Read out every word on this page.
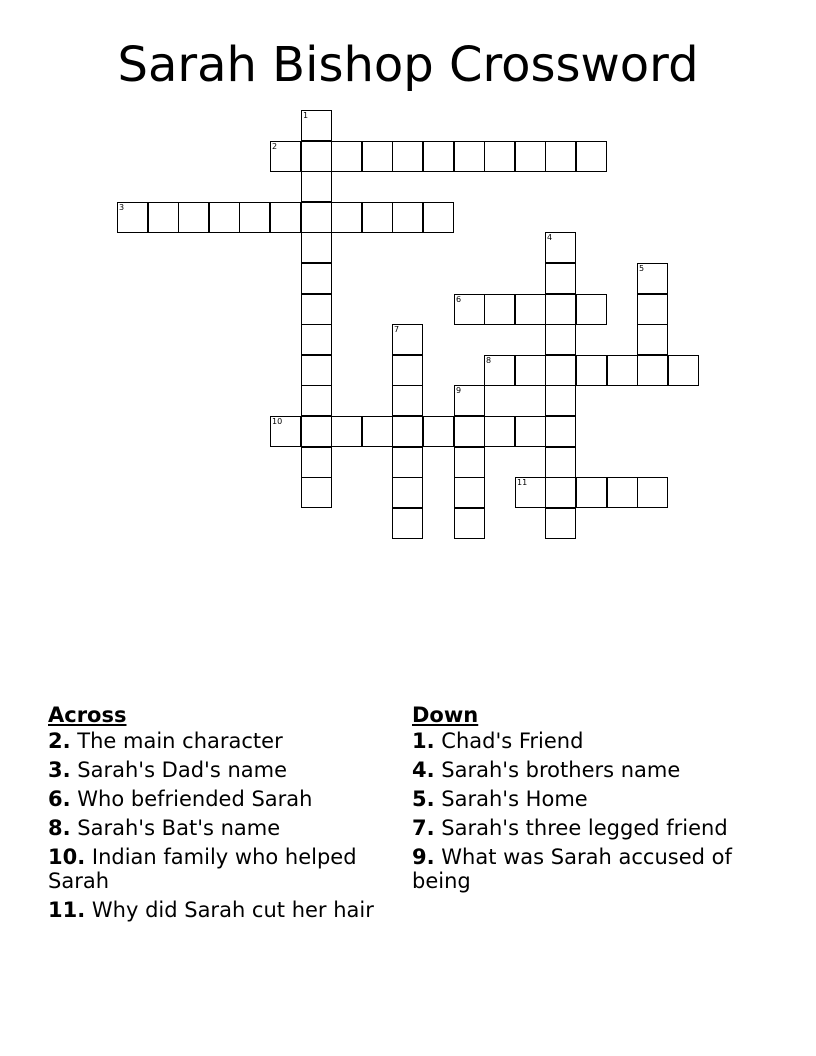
Sarah Bishop Crossword
1
2
3
4
5
6
7
8
9
10
11

Across

2. The main character

3. Sarah's Dad's name

6. Who befriended Sarah

8. Sarah's Bat's name

10. Indian family who helped Sarah

11. Why did Sarah cut her hair

Down

1. Chad's Friend

4. Sarah's brothers name

5. Sarah's Home

7. Sarah's three legged friend

9. What was Sarah accused of being
